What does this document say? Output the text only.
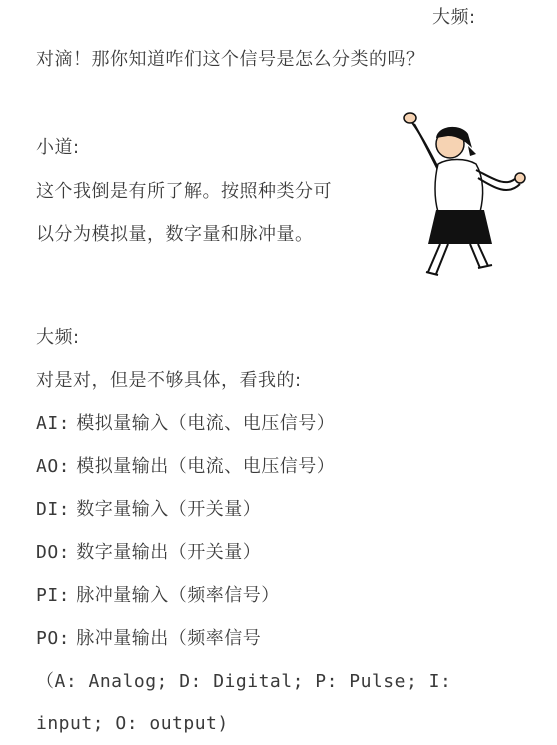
大频:
对滴！那你知道咋们这个信号是怎么分类的吗？
小道:
这个我倒是有所了解。按照种类分可
以分为模拟量，数字量和脉冲量。
大频:
对是对，但是不够具体，看我的:
AI: 模拟量输入（电流、电压信号）
AO: 模拟量输出（电流、电压信号）
DI: 数字量输入（开关量）
DO: 数字量输出（开关量）
PI: 脉冲量输入（频率信号）
PO: 脉冲量输出（频率信号
（A: Analog; D: Digital; P: Pulse; I:
input; O: output)
